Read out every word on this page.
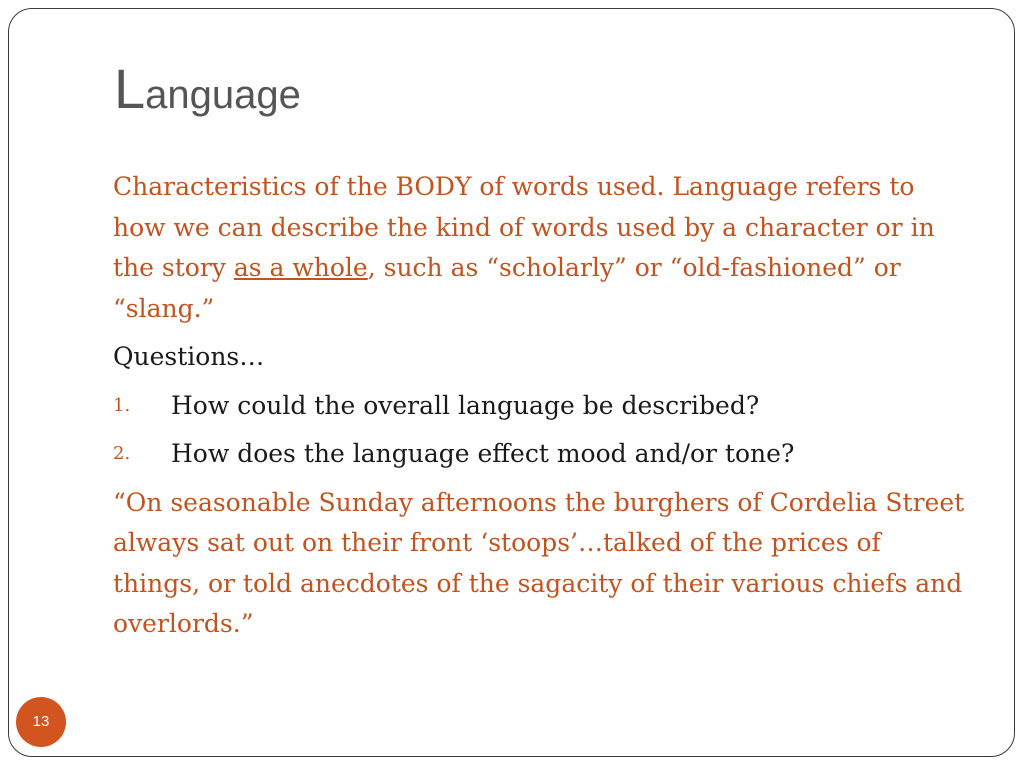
Language

Characteristics of the BODY of words used. Language refers to how we can describe the kind of words used by a character or in the story as a whole, such as “scholarly” or “old-fashioned” or “slang.”

Questions…

1. How could the overall language be described?
2. How does the language effect mood and/or tone?

“On seasonable Sunday afternoons the burghers of Cordelia Street always sat out on their front ‘stoops’…talked of the prices of things, or told anecdotes of the sagacity of their various chiefs and overlords.”

13
